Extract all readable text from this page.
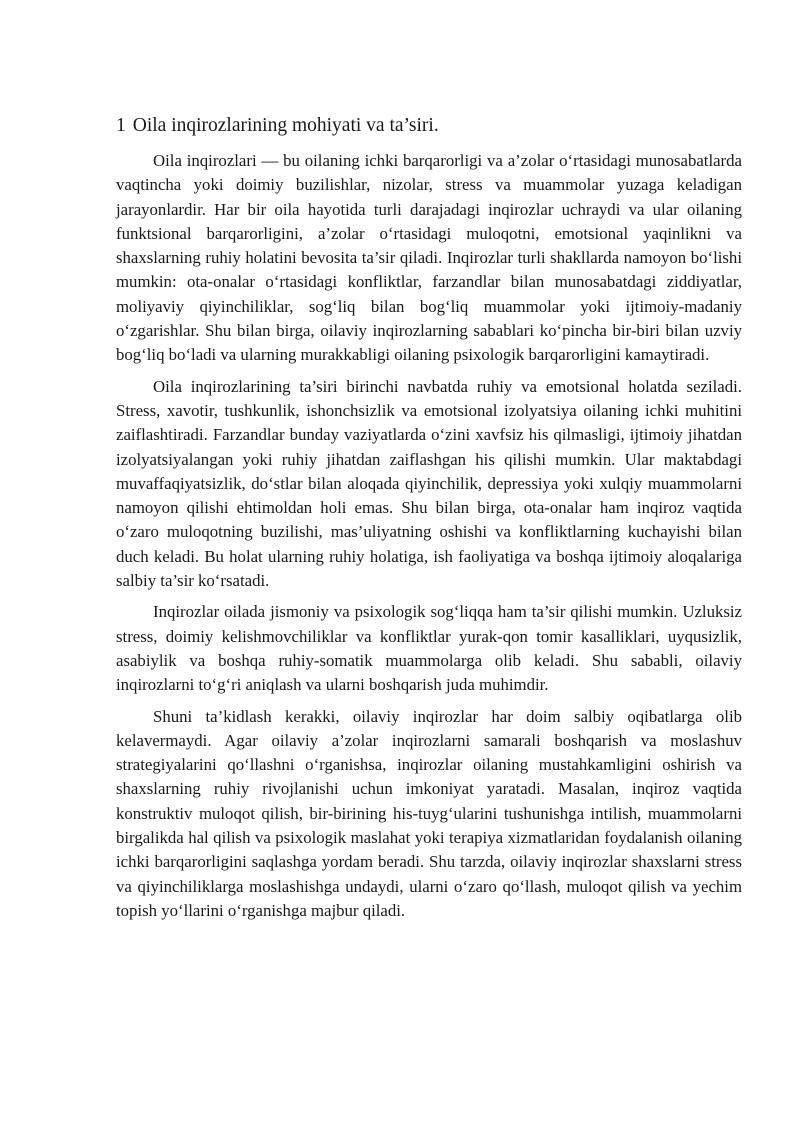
1 Oila inqirozlarining mohiyati va ta’siri.

Oila inqirozlari — bu oilaning ichki barqarorligi va a’zolar o‘rtasidagi munosabatlarda vaqtincha yoki doimiy buzilishlar, nizolar, stress va muammolar yuzaga keladigan jarayonlardir. Har bir oila hayotida turli darajadagi inqirozlar uchraydi va ular oilaning funktsional barqarorligini, a’zolar o‘rtasidagi muloqotni, emotsional yaqinlikni va shaxslarning ruhiy holatini bevosita ta’sir qiladi. Inqirozlar turli shakllarda namoyon bo‘lishi mumkin: ota-onalar o‘rtasidagi konfliktlar, farzandlar bilan munosabatdagi ziddiyatlar, moliyaviy qiyinchiliklar, sog‘liq bilan bog‘liq muammolar yoki ijtimoiy-madaniy o‘zgarishlar. Shu bilan birga, oilaviy inqirozlarning sabablari ko‘pincha bir-biri bilan uzviy bog‘liq bo‘ladi va ularning murakkabligi oilaning psixologik barqarorligini kamaytiradi.

Oila inqirozlarining ta’siri birinchi navbatda ruhiy va emotsional holatda seziladi. Stress, xavotir, tushkunlik, ishonchsizlik va emotsional izolyatsiya oilaning ichki muhitini zaiflashtiradi. Farzandlar bunday vaziyatlarda o‘zini xavfsiz his qilmasligi, ijtimoiy jihatdan izolyatsiyalangan yoki ruhiy jihatdan zaiflashgan his qilishi mumkin. Ular maktabdagi muvaffaqiyatsizlik, do‘stlar bilan aloqada qiyinchilik, depressiya yoki xulqiy muammolarni namoyon qilishi ehtimoldan holi emas. Shu bilan birga, ota-onalar ham inqiroz vaqtida o‘zaro muloqotning buzilishi, mas’uliyatning oshishi va konfliktlarning kuchayishi bilan duch keladi. Bu holat ularning ruhiy holatiga, ish faoliyatiga va boshqa ijtimoiy aloqalariga salbiy ta’sir ko‘rsatadi.

Inqirozlar oilada jismoniy va psixologik sog‘liqqa ham ta’sir qilishi mumkin. Uzluksiz stress, doimiy kelishmovchiliklar va konfliktlar yurak-qon tomir kasalliklari, uyqusizlik, asabiylik va boshqa ruhiy-somatik muammolarga olib keladi. Shu sababli, oilaviy inqirozlarni to‘g‘ri aniqlash va ularni boshqarish juda muhimdir.

Shuni ta’kidlash kerakki, oilaviy inqirozlar har doim salbiy oqibatlarga olib kelavermaydi. Agar oilaviy a’zolar inqirozlarni samarali boshqarish va moslashuv strategiyalarini qo‘llashni o‘rganishsa, inqirozlar oilaning mustahkamligini oshirish va shaxslarning ruhiy rivojlanishi uchun imkoniyat yaratadi. Masalan, inqiroz vaqtida konstruktiv muloqot qilish, bir-birining his-tuyg‘ularini tushunishga intilish, muammolarni birgalikda hal qilish va psixologik maslahat yoki terapiya xizmatlaridan foydalanish oilaning ichki barqarorligini saqlashga yordam beradi. Shu tarzda, oilaviy inqirozlar shaxslarni stress va qiyinchiliklarga moslashishga undaydi, ularni o‘zaro qo‘llash, muloqot qilish va yechim topish yo‘llarini o‘rganishga majbur qiladi.
